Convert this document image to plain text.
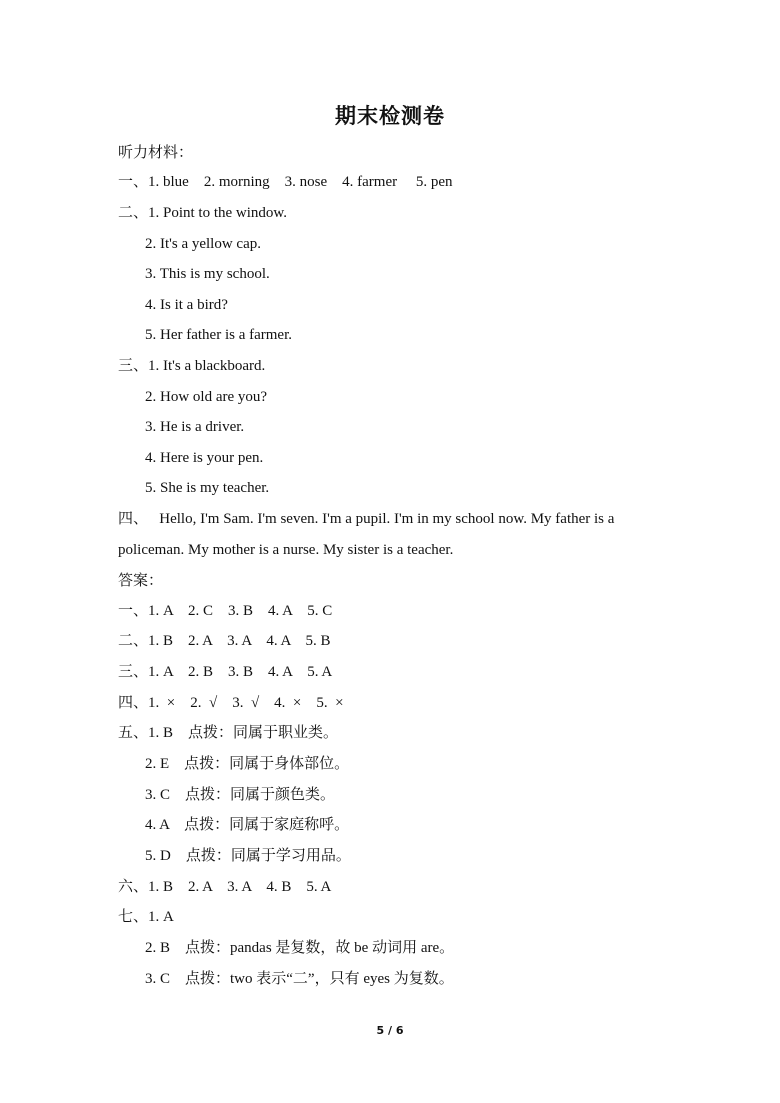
期末检测卷
听力材料：
一、1. blue    2. morning    3. nose    4. farmer     5. pen
二、1. Point to the window.
2. It's a yellow cap.
3. This is my school.
4. Is it a bird?
5. Her father is a farmer.
三、1. It's a blackboard.
2. How old are you?
3. He is a driver.
4. Here is your pen.
5. She is my teacher.
四、   Hello, I'm Sam. I'm seven. I'm a pupil. I'm in my school now. My father is a
policeman. My mother is a nurse. My sister is a teacher.
答案：
一、1. A    2. C    3. B    4. A    5. C
二、1. B    2. A    3. A    4. A    5. B
三、1. A    2. B    3. B    4. A    5. A
四、1.  ×    2.  √    3.  √    4.  ×    5.  ×
五、1. B    点拨：同属于职业类。
2. E    点拨：同属于身体部位。
3. C    点拨：同属于颜色类。
4. A    点拨：同属于家庭称呼。
5. D    点拨：同属于学习用品。
六、1. B    2. A    3. A    4. B    5. A
七、1. A
2. B    点拨：pandas 是复数，故 be 动词用 are。
3. C    点拨：two 表示“二”，只有 eyes 为复数。
5 / 6
